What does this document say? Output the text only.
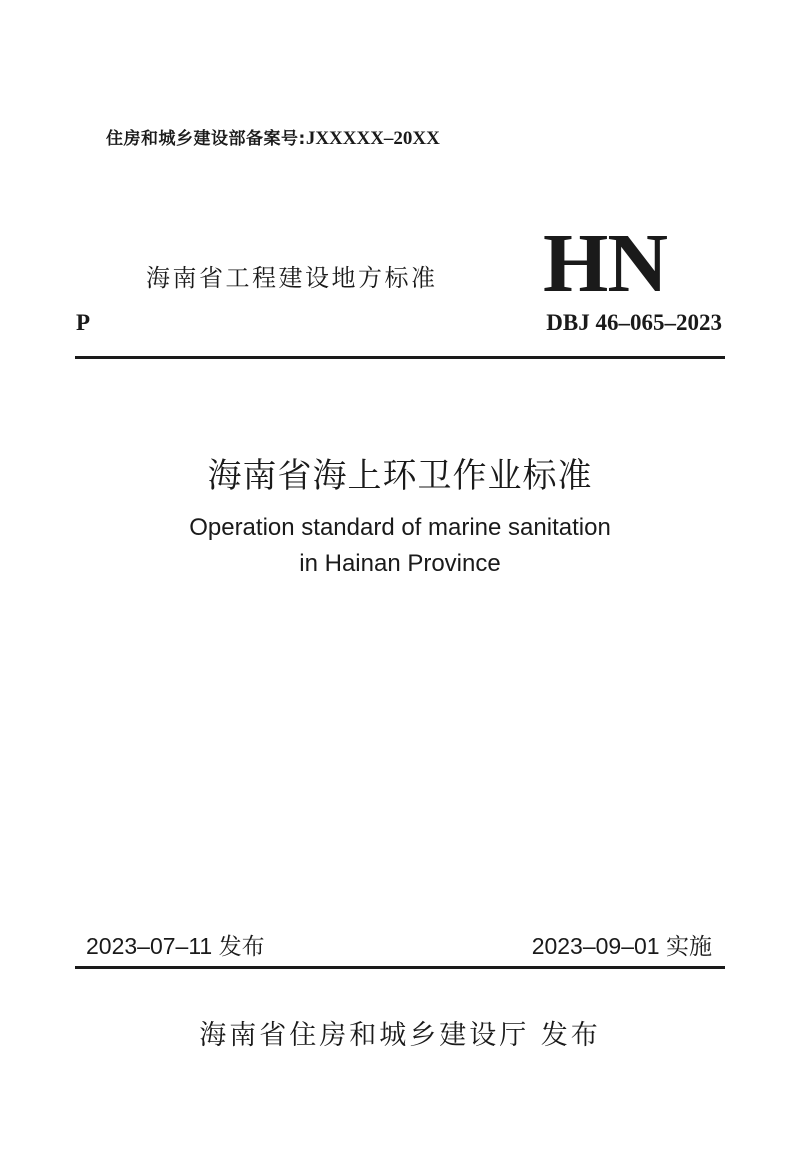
住房和城乡建设部备案号: JXXXXX–20XX
海南省工程建设地方标准 HN
P	DBJ 46–065–2023
海南省海上环卫作业标准
Operation standard of marine sanitation
in Hainan Province
2023–07–11 发布	2023–09–01 实施
海南省住房和城乡建设厅 发布
